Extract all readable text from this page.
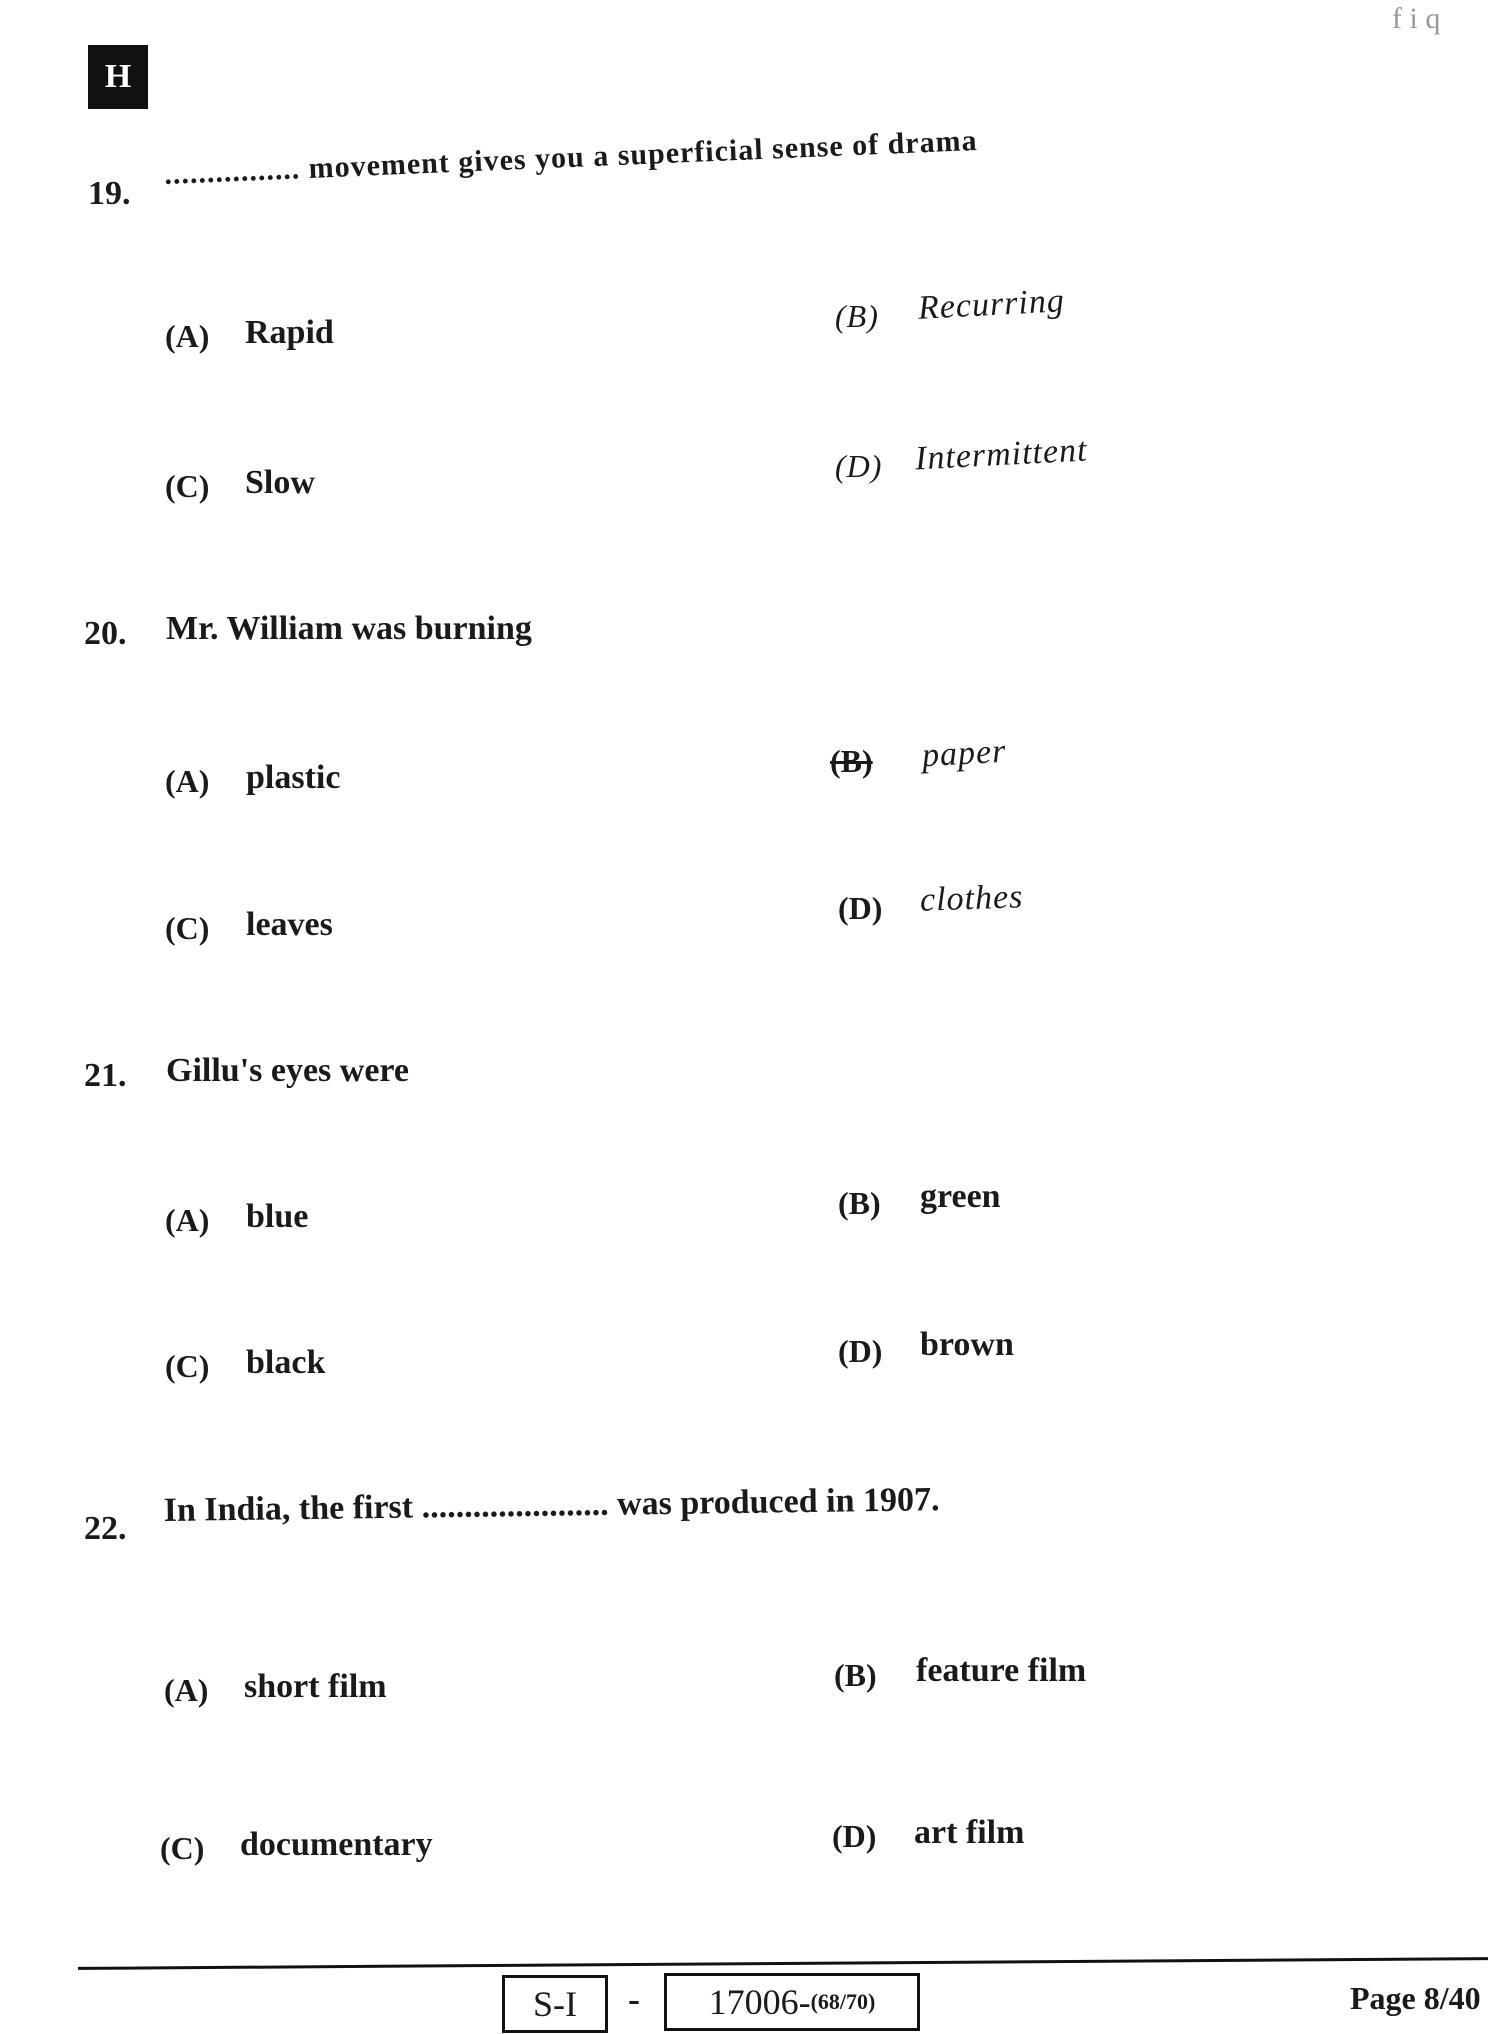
H
f i q
19.
................ movement gives you a superficial sense of drama
(A) Rapid	(B) Recurring
(C) Slow	(D) Intermittent
20. Mr. William was burning
(A) plastic	(B) paper
(C) leaves	(D) clothes
21. Gillu's eyes were
(A) blue	(B) green
(C) black	(D) brown
22. In India, the first ...................... was produced in 1907.
(A) short film	(B) feature film
(C) documentary	(D) art film
S-I - 17006- (68/70)	Page 8/40
